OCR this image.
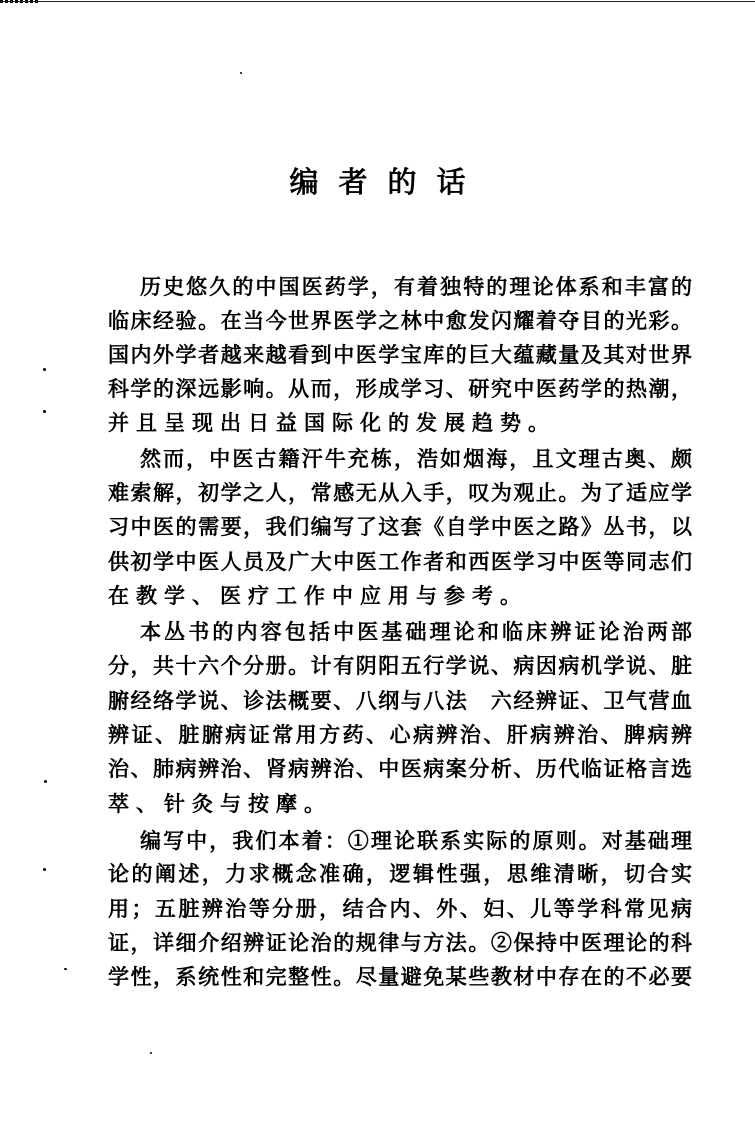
编者的话
历史悠久的中国医药学，有着独特的理论体系和丰富的
临床经验。在当今世界医学之林中愈发闪耀着夺目的光彩。
国内外学者越来越看到中医学宝库的巨大蕴藏量及其对世界
科学的深远影响。从而，形成学习、研究中医药学的热潮，
并且呈现出日益国际化的发展趋势。
然而，中医古籍汗牛充栋，浩如烟海，且文理古奥、颇
难索解，初学之人，常感无从入手，叹为观止。为了适应学
习中医的需要，我们编写了这套《自学中医之路》丛书，以
供初学中医人员及广大中医工作者和西医学习中医等同志们
在教学、医疗工作中应用与参考。
本丛书的内容包括中医基础理论和临床辨证论治两部
分，共十六个分册。计有阴阳五行学说、病因病机学说、脏
腑经络学说、诊法概要、八纲与八法　六经辨证、卫气营血
辨证、脏腑病证常用方药、心病辨治、肝病辨治、脾病辨
治、肺病辨治、肾病辨治、中医病案分析、历代临证格言选
萃、针灸与按摩。
编写中，我们本着：①理论联系实际的原则。对基础理
论的阐述，力求概念准确，逻辑性强，思维清晰，切合实
用；五脏辨治等分册，结合内、外、妇、儿等学科常见病
证，详细介绍辨证论治的规律与方法。②保持中医理论的科
学性，系统性和完整性。尽量避免某些教材中存在的不必要
